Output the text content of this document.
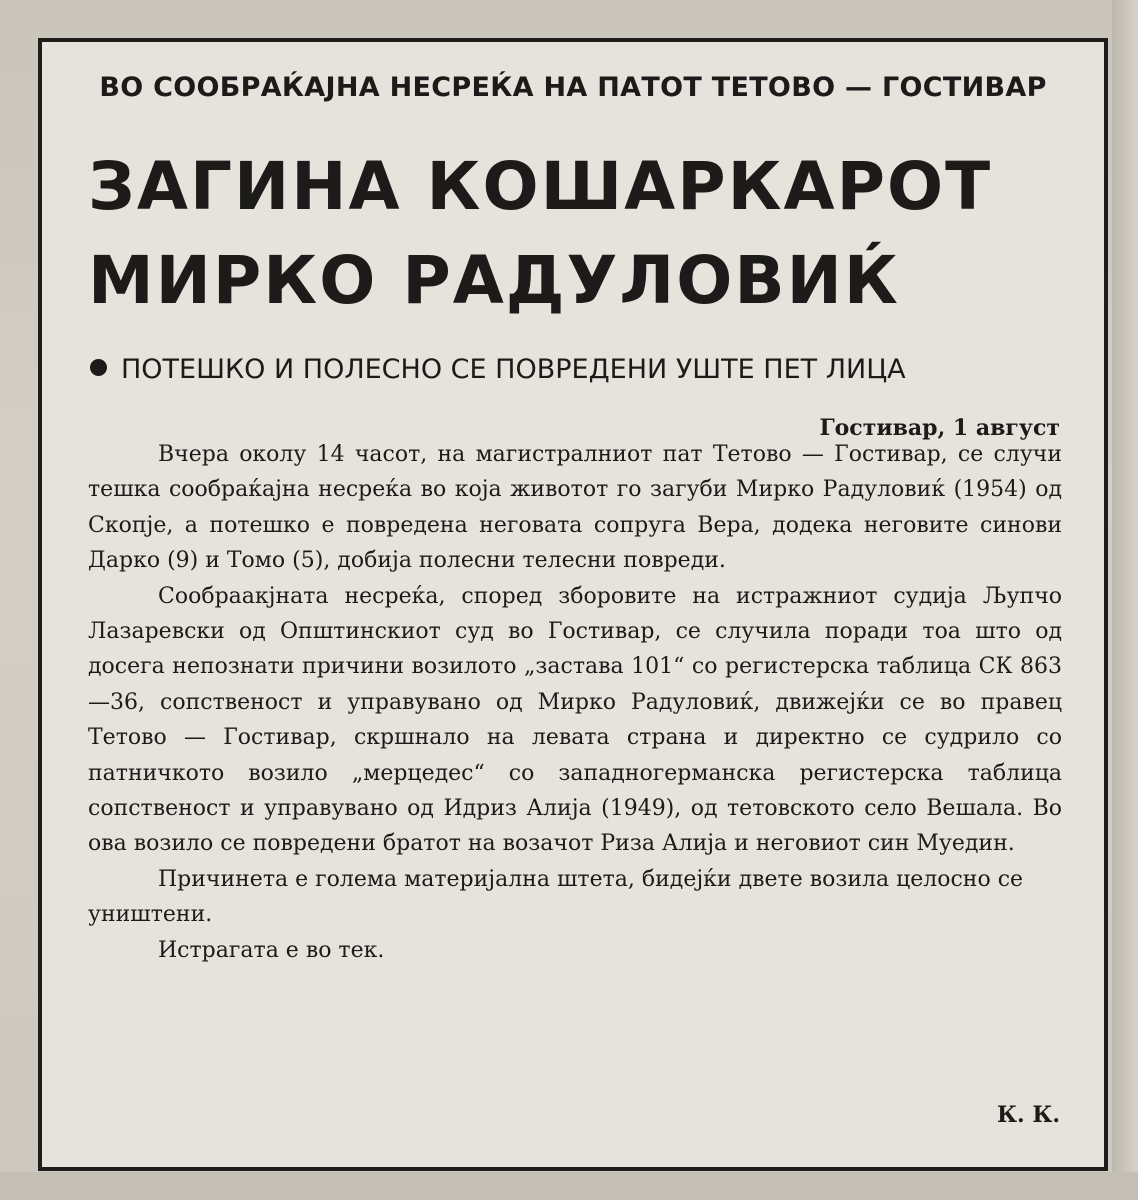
ВО СООБРАЌАЈНА НЕСРЕЌА НА ПАТОТ ТЕТОВО — ГОСТИВАР
ЗАГИНА КОШАРКАРОТ
МИРКО РАДУЛОВИЌ
ПОТЕШКО И ПОЛЕСНО СЕ ПОВРЕДЕНИ УШТЕ ПЕТ ЛИЦА
Гостивар, 1 август

Вчера околу 14 часот, на магистралниот пат Тетово — Гостивар, се случи тешка сообраќајна несреќа во која животот го загуби Мирко Радуловиќ (1954) од Скопје, а потешко е повредена неговата сопруга Вера, додека неговите синови Дарко (9) и Томо (5), добија полесни телесни повреди.

Сообраакјната несреќа, според зборовите на истражниот судија Љупчо Лазаревски од Општинскиот суд во Гостивар, се случила поради тоа што од досега непознати причини возилото „застава 101“ со регистерска таблица СК 863—36, сопственост и управувано од Мирко Радуловиќ, движејќи се во правец Тетово — Гостивар, скршнало на левата страна и директно се судрило со патничкото возило „мерцедес“ со западногерманска регистерска таблица сопственост и управувано од Идриз Алија (1949), од тетовското село Вешала. Во ова возило се повредени братот на возачот Риза Алија и неговиот син Муедин.

Причинета е голема материјална штета, бидејќи двете возила целосно се уништени.

Истрагата е во тек.

К. К.
